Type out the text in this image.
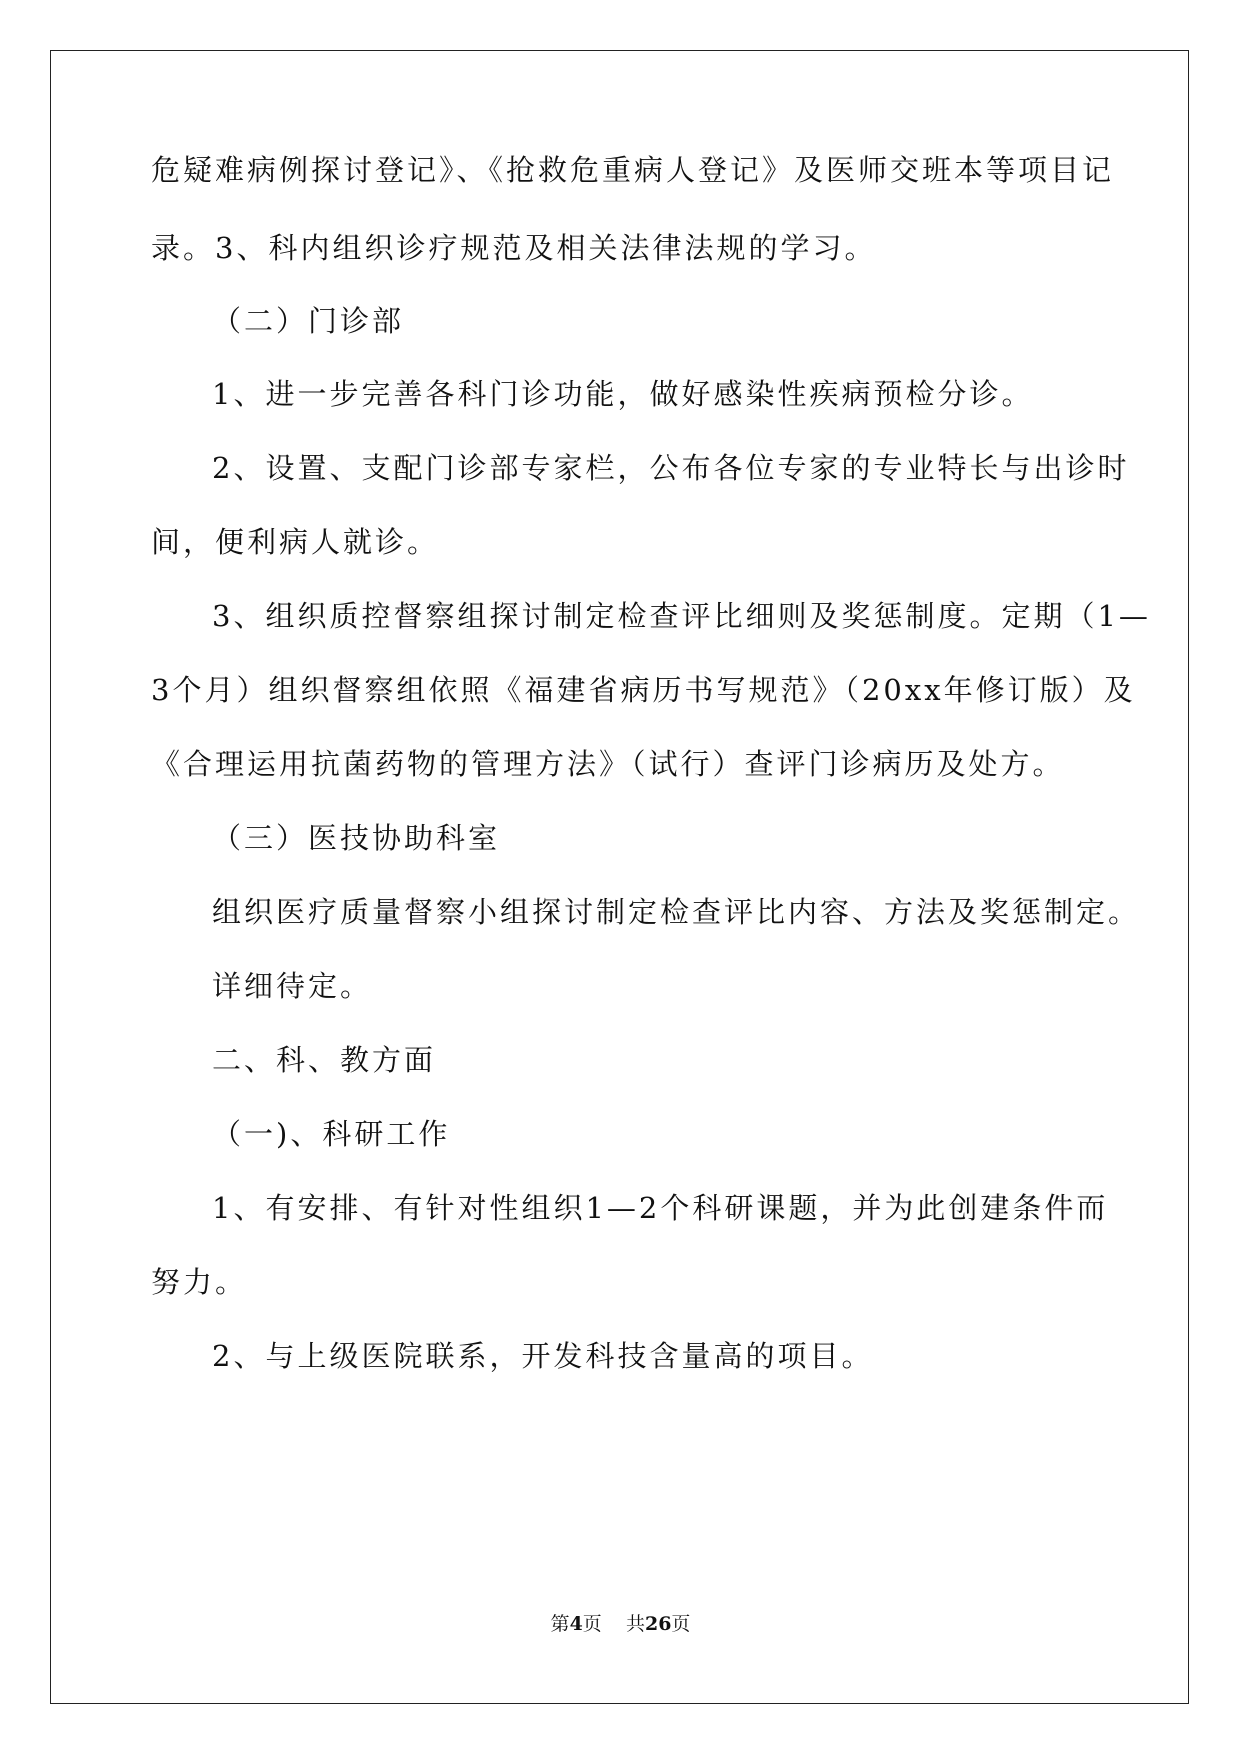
危疑难病例探讨登记》、《抢救危重病人登记》及医师交班本等项目记
录。3、科内组织诊疗规范及相关法律法规的学习。
（二）门诊部
1、进一步完善各科门诊功能，做好感染性疾病预检分诊。
2、设置、支配门诊部专家栏，公布各位专家的专业特长与出诊时
间，便利病人就诊。
3、组织质控督察组探讨制定检查评比细则及奖惩制度。定期（1—
3个月）组织督察组依照《福建省病历书写规范》（20xx年修订版）及
《合理运用抗菌药物的管理方法》（试行）查评门诊病历及处方。
（三）医技协助科室
组织医疗质量督察小组探讨制定检查评比内容、方法及奖惩制定。
详细待定。
二、科、教方面
（一)、科研工作
1、有安排、有针对性组织1—2个科研课题，并为此创建条件而
努力。
2、与上级医院联系，开发科技含量高的项目。
第4页    共26页
